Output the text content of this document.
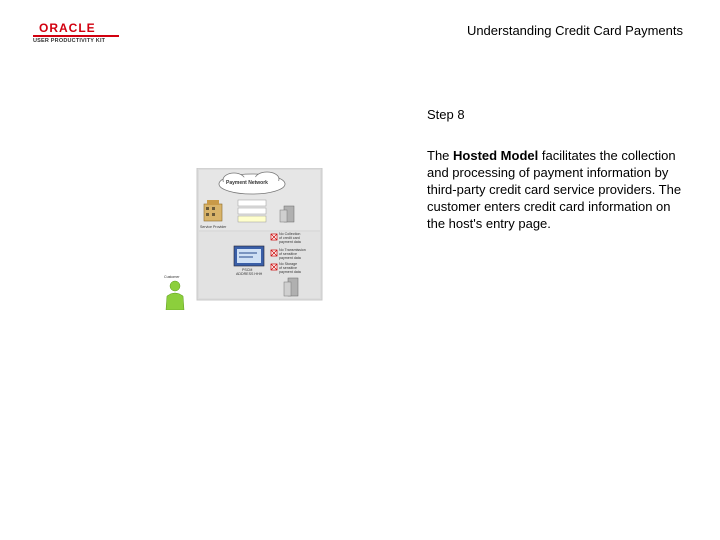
ORACLE
USER PRODUCTIVITY KIT
Understanding Credit Card Payments
Step 8
The Hosted Model facilitates the collection and processing of payment information by third-party credit card service providers. The customer enters credit card information on the host's entry page.
Payment Network
Service Provider
Customer
PSCM
ADDRESS HHH
No Collection
of credit card
payment data
No Transmission
of sensitive
payment data
No Storage
of sensitive
payment data
